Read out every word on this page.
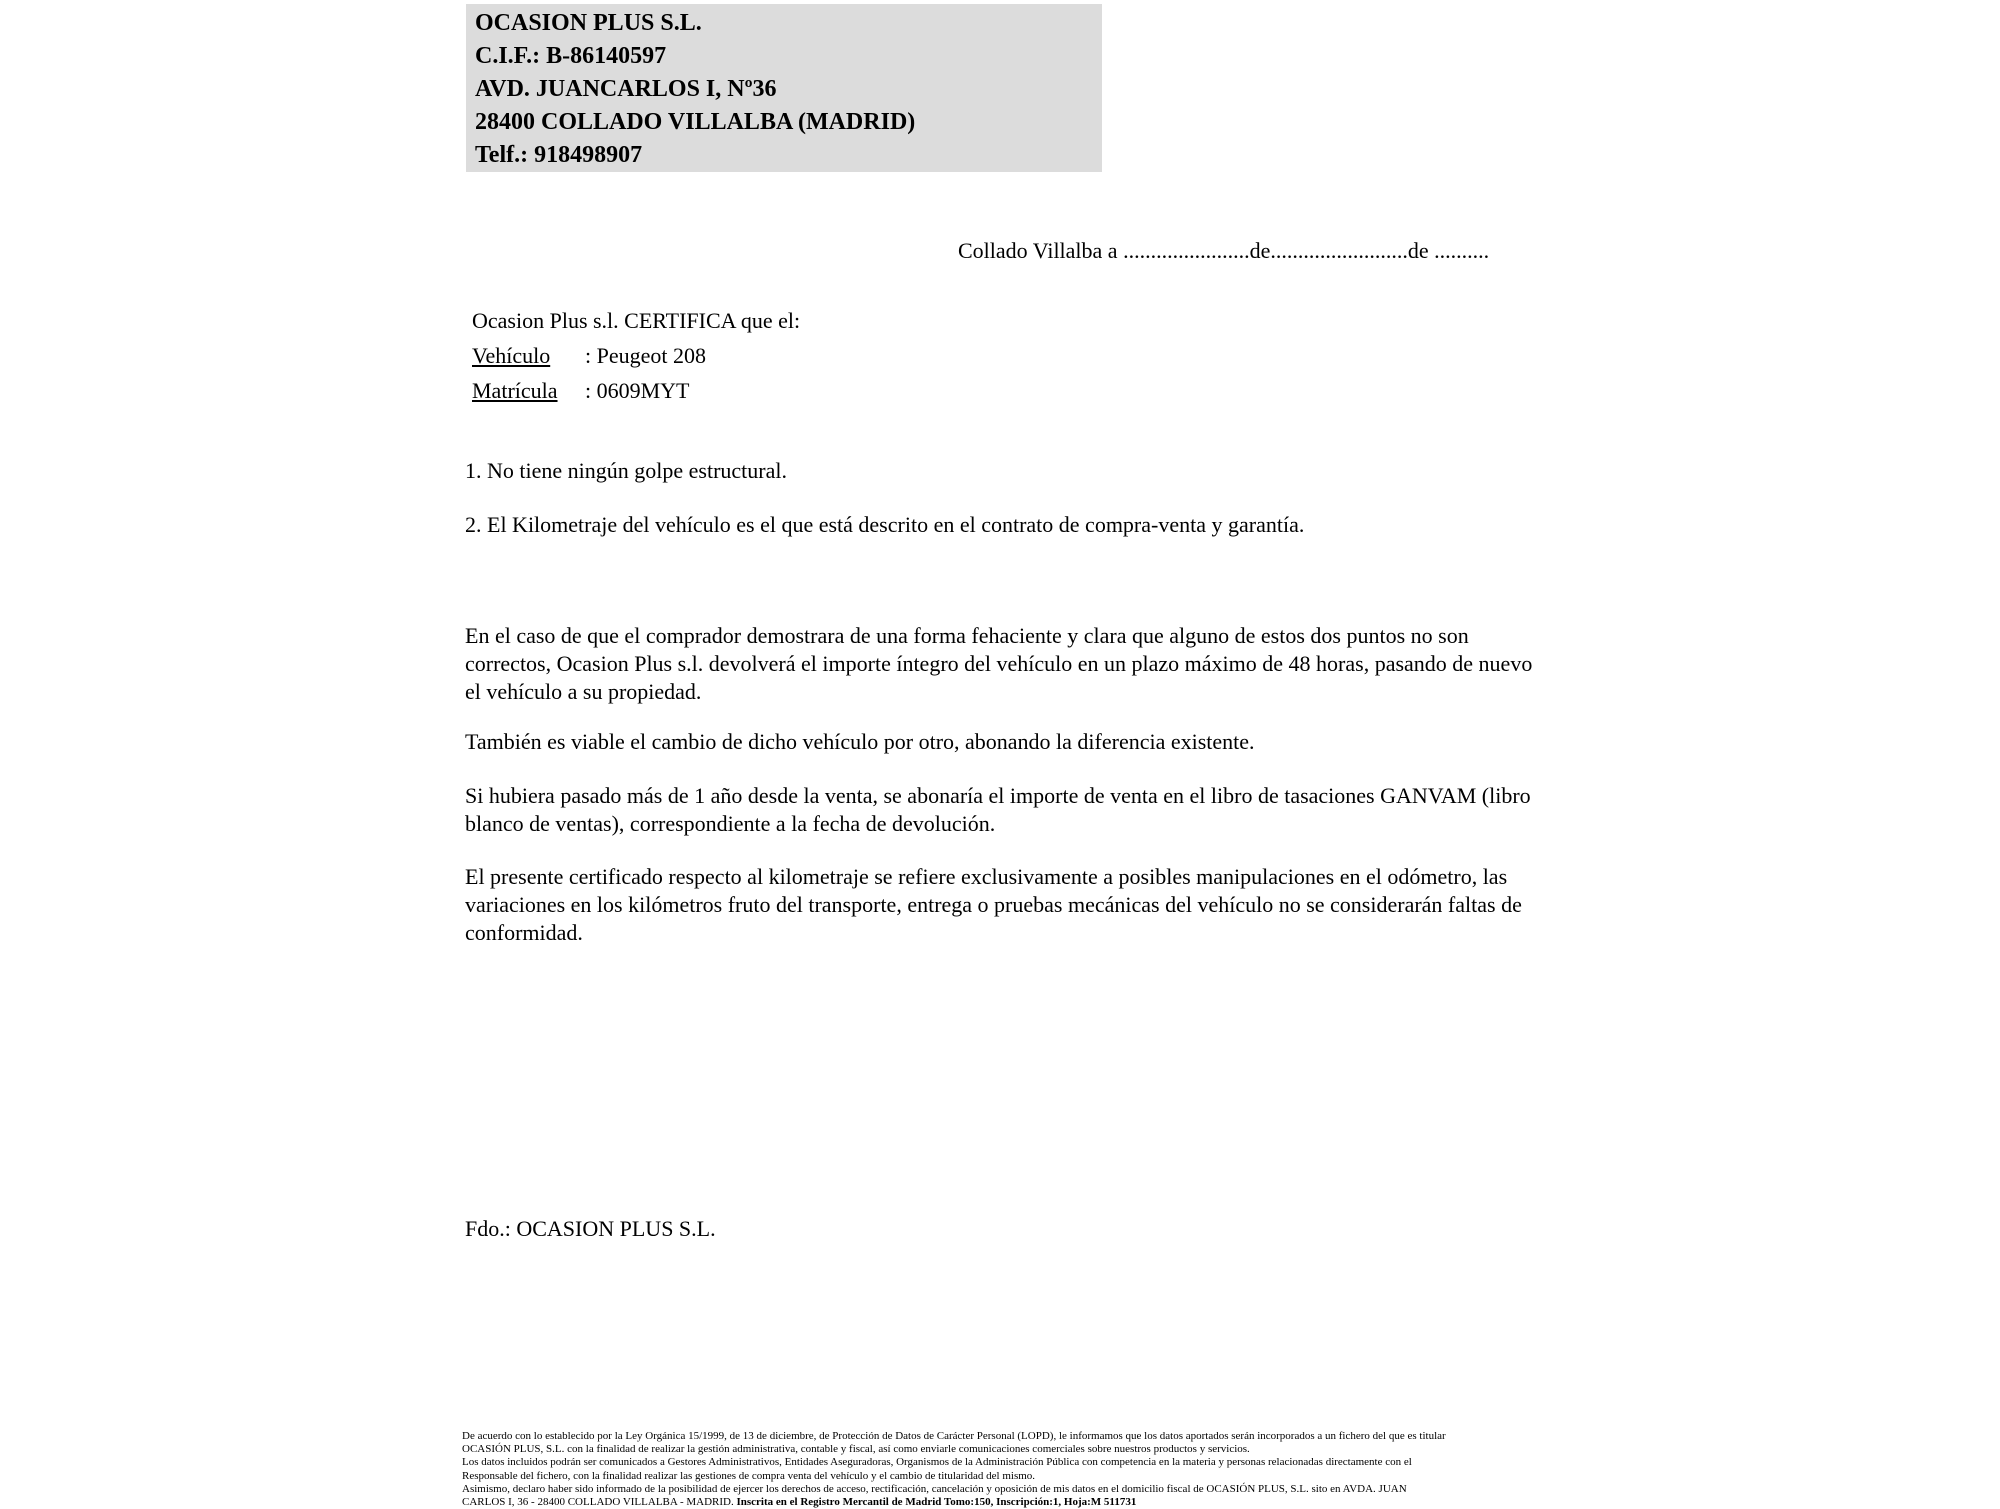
OCASION PLUS S.L.
C.I.F.: B-86140597
AVD. JUANCARLOS I, Nº36
28400 COLLADO VILLALBA (MADRID)
Telf.: 918498907
Collado Villalba a .......................de.........................de ..........
Ocasion Plus s.l. CERTIFICA que el:
Vehículo : Peugeot 208
Matrícula : 0609MYT
1. No tiene ningún golpe estructural.
2. El Kilometraje del vehículo es el que está descrito en el contrato de compra-venta y garantía.
En el caso de que el comprador demostrara de una forma fehaciente y clara que alguno de estos dos puntos no son correctos, Ocasion Plus s.l. devolverá el importe íntegro del vehículo en un plazo máximo de 48 horas, pasando de nuevo el vehículo a su propiedad.
También es viable el cambio de dicho vehículo por otro, abonando la diferencia existente.
Si hubiera pasado más de 1 año desde la venta, se abonaría el importe de venta en el libro de tasaciones GANVAM (libro blanco de ventas), correspondiente a la fecha de devolución.
El presente certificado respecto al kilometraje se refiere exclusivamente a posibles manipulaciones en el odómetro, las variaciones en los kilómetros fruto del transporte, entrega o pruebas mecánicas del vehículo no se considerarán faltas de conformidad.
Fdo.: OCASION PLUS S.L.
De acuerdo con lo establecido por la Ley Orgánica 15/1999, de 13 de diciembre, de Protección de Datos de Carácter Personal (LOPD), le informamos que los datos aportados serán incorporados a un fichero del que es titular
OCASIÓN PLUS, S.L. con la finalidad de realizar la gestión administrativa, contable y fiscal, así como enviarle comunicaciones comerciales sobre nuestros productos y servicios.
Los datos incluidos podrán ser comunicados a Gestores Administrativos, Entidades Aseguradoras, Organismos de la Administración Pública con competencia en la materia y personas relacionadas directamente con el
Responsable del fichero, con la finalidad realizar las gestiones de compra venta del vehículo y el cambio de titularidad del mismo.
Asimismo, declaro haber sido informado de la posibilidad de ejercer los derechos de acceso, rectificación, cancelación y oposición de mis datos en el domicilio fiscal de OCASIÓN PLUS, S.L. sito en AVDA. JUAN
CARLOS I, 36 - 28400 COLLADO VILLALBA - MADRID. Inscrita en el Registro Mercantil de Madrid Tomo:150, Inscripción:1, Hoja:M 511731
